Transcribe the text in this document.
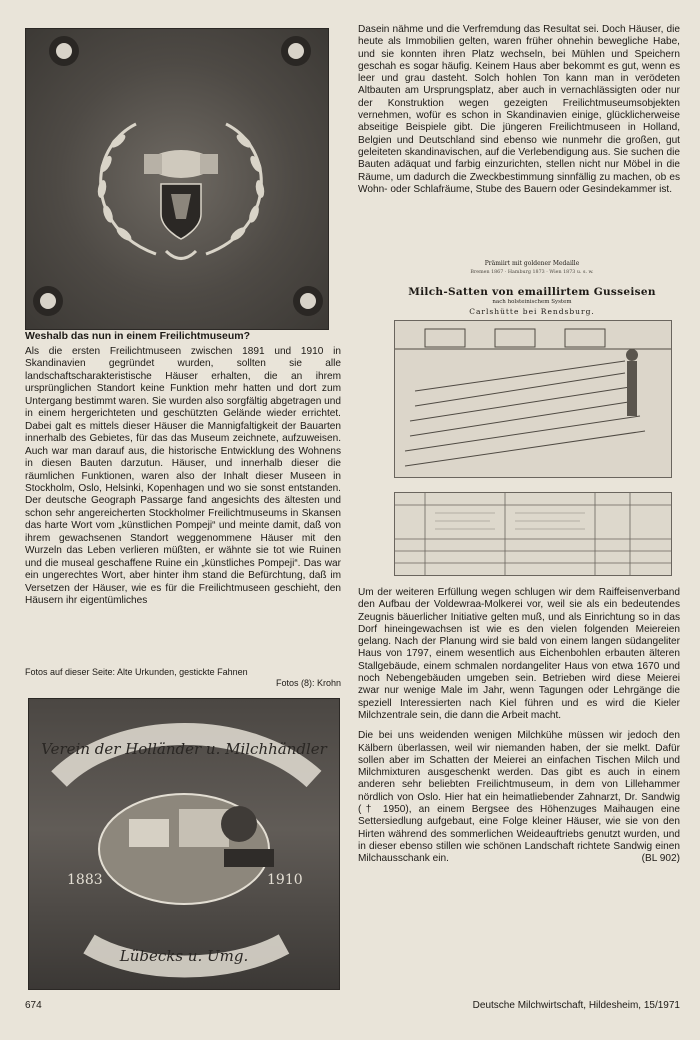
Weshalb das nun in einem Freilichtmuseum?
Als die ersten Freilichtmuseen zwischen 1891 und 1910 in Skandinavien gegründet wurden, sollten sie alle landschaftscharakteristische Häuser erhalten, die an ihrem ursprünglichen Standort keine Funktion mehr hatten und dort zum Untergang bestimmt waren. Sie wurden also sorgfältig abgetragen und in einem hergerichteten und geschützten Gelände wieder errichtet. Dabei galt es mittels dieser Häuser die Mannigfaltigkeit der Bauarten innerhalb des Gebietes, für das das Museum zeichnete, aufzuweisen. Auch war man darauf aus, die historische Entwicklung des Wohnens in diesen Bauten darzutun. Häuser, und innerhalb dieser die räumlichen Funktionen, waren also der Inhalt dieser Museen in Stockholm, Oslo, Helsinki, Kopenhagen und wo sie sonst entstanden. Der deutsche Geograph Passarge fand angesichts des ältesten und schon sehr angereicherten Stockholmer Freilichtmuseums in Skansen das harte Wort vom „künstlichen Pompeji“ und meinte damit, daß von ihrem gewachsenen Standort weggenommene Häuser mit den Wurzeln das Leben verlieren müßten, er wähnte sie tot wie Ruinen und die museal geschaffene Ruine ein „künstliches Pompeji“. Das war ein ungerechtes Wort, aber hinter ihm stand die Befürchtung, daß im Versetzen der Häuser, wie es für die Freilichtmuseen geschieht, den Häusern ihr eigentümliches
Fotos auf dieser Seite: Alte Urkunden, gestickte Fahnen
Fotos (8): Krohn
Verein der Holländer u. Milchhändler
1883	1910
Lübecks u. Umg.
Dasein nähme und die Verfremdung das Resultat sei. Doch Häuser, die heute als Immobilien gelten, waren früher ohnehin bewegliche Habe, und sie konnten ihren Platz wechseln, bei Mühlen und Speichern geschah es sogar häufig. Keinem Haus aber bekommt es gut, wenn es leer und grau dasteht. Solch hohlen Ton kann man in verödeten Altbauten am Ursprungsplatz, aber auch in vernachlässigten oder nur der Konstruktion wegen gezeigten Freilichtmuseumsobjekten vernehmen, wofür es schon in Skandinavien einige, glücklicherweise abseitige Beispiele gibt. Die jüngeren Freilichtmuseen in Holland, Belgien und Deutschland sind ebenso wie nunmehr die großen, gut geleiteten skandinavischen, auf die Verlebendigung aus. Sie suchen die Bauten adäquat und farbig einzurichten, stellen nicht nur Möbel in die Räume, um dadurch die Zweckbestimmung sinnfällig zu machen, ob es Wohn- oder Schlafräume, Stube des Bauern oder Gesindekammer ist.
Prämiirt mit goldener Medaille
Bremen 1867 · Hamburg 1873 · Wien 1873 u. s. w.
Milch-Satten von emaillirtem Gusseisen
nach holsteinischem System
Carlshütte bei Rendsburg.

Um der weiteren Erfüllung wegen schlugen wir dem Raiffeisenverband den Aufbau der Voldewraa-Molkerei vor, weil sie als ein bedeutendes Zeugnis bäuerlicher Initiative gelten muß, und als Einrichtung so in das Dorf hineingewachsen ist wie es den vielen folgenden Meiereien gelang. Nach der Planung wird sie bald von einem langen südangeliter Haus von 1797, einem wesentlich aus Eichenbohlen erbauten älteren Stallgebäude, einem schmalen nordangeliter Haus von etwa 1670 und noch Nebengebäuden umgeben sein. Betrieben wird diese Meierei zwar nur wenige Male im Jahr, wenn Tagungen oder Lehrgänge die speziell Interessierten nach Kiel führen und es wird die Kieler Milchzentrale sein, die dann die Arbeit macht.

Die bei uns weidenden wenigen Milchkühe müssen wir jedoch den Kälbern überlassen, weil wir niemanden haben, der sie melkt. Dafür sollen aber im Schatten der Meierei an einfachen Tischen Milch und Milchmixturen ausgeschenkt werden. Das gibt es auch in einem anderen sehr beliebten Freilichtmuseum, in dem von Lillehammer nördlich von Oslo. Hier hat ein heimatliebender Zahnarzt, Dr. Sandwig († 1950), an einem Bergsee des Höhenzuges Maihaugen eine Settersiedlung aufgebaut, eine Folge kleiner Häuser, wie sie von den Hirten während des sommerlichen Weideauftriebs genutzt wurden, und in dieser ebenso stillen wie schönen Landschaft richtete Sandwig einen Milchausschank ein.	(BL 902)

674	Deutsche Milchwirtschaft, Hildesheim, 15/1971
